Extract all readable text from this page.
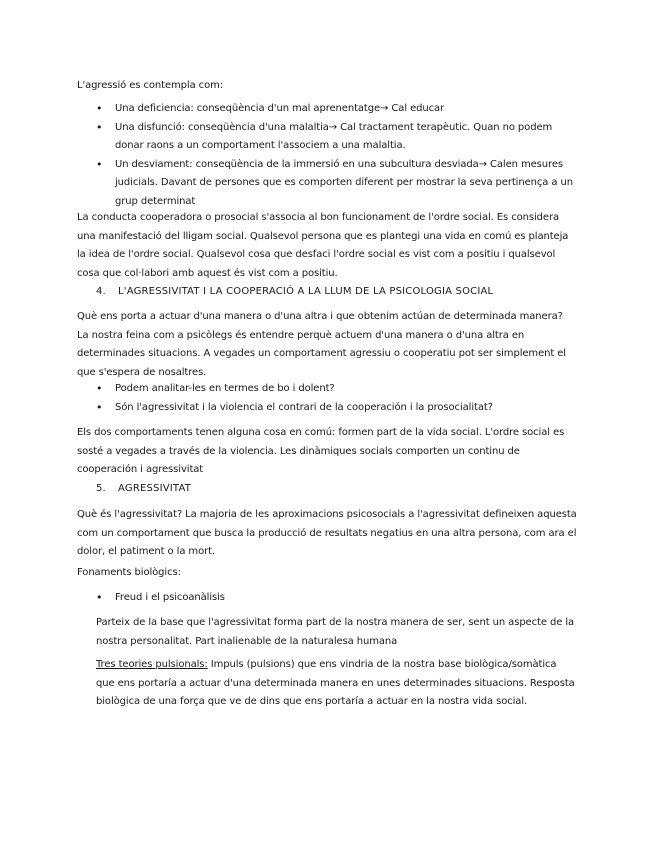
L'agressió es contempla com:

• Una deficiencia: conseqüència d'un mal aprenentatge→ Cal educar
• Una disfunció: conseqüència d'una malaltia→ Cal tractament terapèutic. Quan no podem donar raons a un comportament l'associem a una malaltia.
• Un desviament: conseqüència de la immersió en una subcultura desviada→ Calen mesures judicials. Davant de persones que es comporten diferent per mostrar la seva pertinença a un grup determinat

La conducta cooperadora o prosocial s'associa al bon funcionament de l'ordre social. Es considera una manifestació del lligam social. Qualsevol persona que es plantegi una vida en comú es planteja la idea de l'ordre social. Qualsevol cosa que desfaci l'ordre social es vist com a positiu i qualsevol cosa que col·labori amb aquest és vist com a positiu.

4. L'AGRESSIVITAT I LA COOPERACIÓ A LA LLUM DE LA PSICOLOGIA SOCIAL

Què ens porta a actuar d'una manera o d'una altra i que obtenim actúan de determinada manera? La nostra feina com a psicòlegs és entendre perquè actuem d'una manera o d'una altra en determinades situacions. A vegades un comportament agressiu o cooperatiu pot ser simplement el que s'espera de nosaltres.

• Podem analitar-les en termes de bo i dolent?
• Són l'agressivitat i la violencia el contrari de la cooperación i la prosocialitat?

Els dos comportaments tenen alguna cosa en comú: formen part de la vida social. L'ordre social es sosté a vegades a través de la violencia. Les dinàmiques socials comporten un continu de cooperación i agressivitat

5. AGRESSIVITAT

Què és l'agressivitat? La majoria de les aproximacions psicosocials a l'agressivitat defineixen aquesta com un comportament que busca la producció de resultats negatius en una altra persona, com ara el dolor, el patiment o la mort.

Fonaments biològics:

• Freud i el psicoanàlisis

Parteix de la base que l'agressivitat forma part de la nostra manera de ser, sent un aspecte de la nostra personalitat. Part inalienable de la naturalesa humana

Tres teories pulsionals: Impuls (pulsions) que ens vindria de la nostra base biològica/somàtica que ens portaría a actuar d'una determinada manera en unes determinades situacions. Resposta biològica de una força que ve de dins que ens portaría a actuar en la nostra vida social.
